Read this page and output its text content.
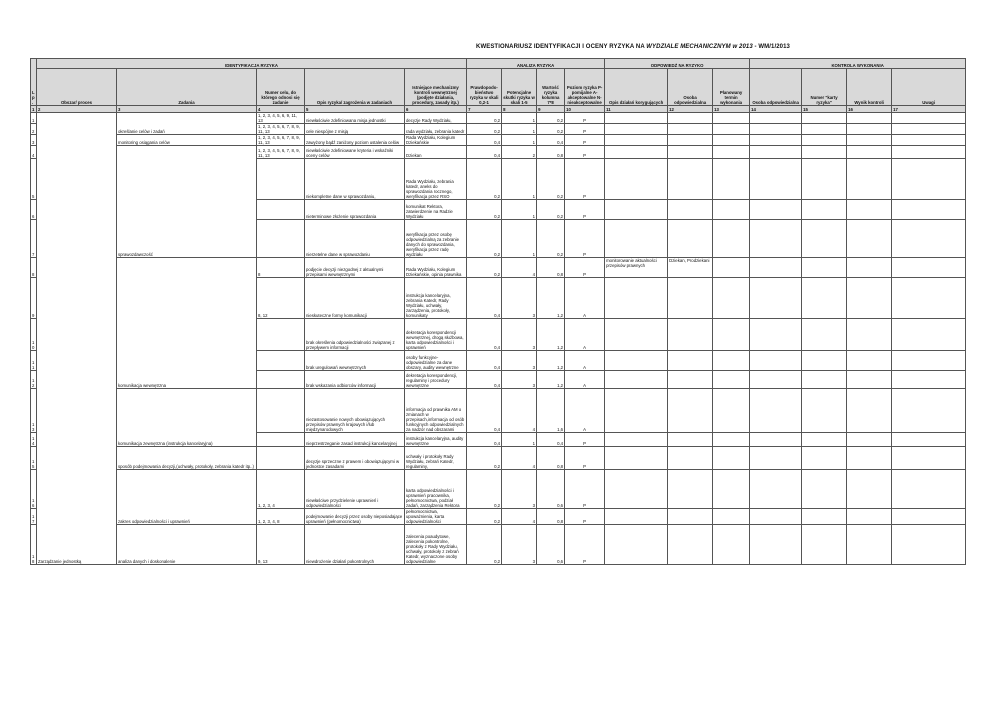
KWESTIONARIUSZ IDENTYFIKACJI I OCENY RYZYKA NA WYDZIALE MECHANICZNYM w 2013 - WM/1/2013
Lp.	IDENTYFIKACJA RYZYKA					ANALIZA RYZYKA				ODPOWIEDŹ NA RYZYKO			KONTROLA WYKONANIA			
	Obszar/ proces	Zadania	Numer celu, do którego odnosi się zadanie	Opis ryzyka/ zagrożenia w zadaniach	Istniejące mechanizmy kontroli wewnętrznej (podjęte działania, procedury, zasady itp.)	Prawdopodo-bieństwo ryzyka w skali 0,2-1	Potencjalne skutki ryzyka w skali 1-5	Wartość ryzyka kolumna 7*8	Poziom ryzyka P-pomijalne A-akceptowalne N-nieakceptowalne	Opis działań korygujących	Osoba odpowiedzialna	Planowany termin wykonania	Osoba odpowiedzialna	Numer "karty ryzyka"	Wynik kontroli	Uwagi
1	2	3	4	5	6	7	8	9	10	11	12	13	14	15	16	17
1	Zarządzanie jednostką	określanie celów i zadań	1, 2, 3, 4, 5, 6, 9, 11, 13	niewłaściwie zdefiniowana misja jednostki	decyzje Rady Wydziału,	0,2	1	0,2	P							
2			1, 2, 3, 4, 5, 6, 7, 8, 9, 11, 13	cele niespójne z misją	rada wydziału, zebrania katedr	0,2	1	0,2	P							
3		monitoring osiągania celów	1, 2, 3, 4, 5, 6, 7, 8, 9, 11, 13	zawyżony bądź zaniżony poziom ustalenia celów	Rada Wydziału, Kolegium Dziekańskie	0,4	1	0,4	P							
4		sprawozdawczość	1, 2, 3, 4, 5, 6, 7, 8, 9, 11, 13	niewłaściwie zdefiniowane kryteria i wskaźniki oceny celów	Dziekan	0,4	2	0,8	P							
5				niekompletne dane w sprawozdaniu,	Rada Wydziału, zebrania katedr, aneks do sprawozdania rocznego, weryfikacja przez RSO	0,2	1	0,2	P							
6				nieterminowe złożenie sprawozdania	komunikat Rektora, zatwierdzenie na Radzie Wydziału	0,2	1	0,2	P							
7				nierzetelne dane w sprawozdaniu	weryfikacja przez osobę odpowiedzialną za zebranie danych do sprawozdania, weryfikacja przez radę wydziału	0,2	1	0,2	P							
8		komunikacja wewnętrzna	8	podjęcie decyzji niezgodnej z aktualnymi przepisami wewnętrznymi	Rada Wydziału, Kolegium Dziekańskie, opinia prawnika	0,2	4	0,8	P	monitorowanie aktualności przepisów prawnych	Dziekan, Prodziekani					
9			8, 12	nieskuteczne formy komunikacji	instrukcja kancelaryjna, zebrania Katedr, Rady Wydziału, uchwały, zarządzenia, protokoły, komunikaty	0,4	3	1,2	A							
10				brak określenia odpowiedzialności związanej z przepływem informacji	dekretacja korespondencji wewnętrznej, drogą służbowa, karta odpowiedzialności i uprawnień	0,4	3	1,2	A							
11				brak uregulowań wewnętrznych	osoby funkcyjne-odpowiedzialne za dane obszary, audity wewnętrzne	0,4	3	1,2	A							
12				brak wskazania odbiorców informacji	dekretacja korespondencji, regulaminy i procedury wewnętrzne	0,4	3	1,2	A							
13		komunikacja zewnętrzna (instrukcja kancelaryjna)		niezastosowanie nowych obowiązujących przepisów prawnych krajowych i/lub międzynarodowych	informacja od prawnika AM o zmianach w przepisach,informacja od osób funkcyjnych odpowiedzialnych za nadzór nad obszarami	0,4	4	1,6	A							
14				nieprzestrzeganie zasad instrukcji kancelaryjnej	instrukcja kancelaryjna, audity wewnętrzne	0,4	1	0,4	P							
15		sposób podejmowania decyzji,(uchwały, protokoły, zebrania katedr itp..)		decyzje sprzeczne z prawem i obowiązującymi w jednostce zasadami	uchwały i protokoły Rady Wydziału, zebrań Katedr, regulaminy,	0,2	4	0,8	P							
16		zakres odpowiedzialności i uprawnień	1, 2, 3, 4	niewłaściwe przydzielenie uprawnień i odpowiedzialności	karta odpowiedzialności i uprawnień pracownika, pełnomocnictwa, podział zadań, zarządzenia Rektora	0,2	3	0,6	P							
17			1, 2, 3, 4, 8	podejmowanie decyzji przez osoby nieposiadające uprawnień (pełnomocnictwa)	pełnomocnictwa, upoważnienia, karta odpowiedzialności	0,2	4	0,8	P							
18		analiza danych i doskonalenie	9, 13	niewdrożenie działań pokontrolnych	zalecenia poaudytowe, zalecenia pokontrolne, protokoły z Rady Wydziału, uchwały, protokoły z zebrań Katedr, wyznaczone osoby odpowiedzialne	0,2	3	0,6	P							
